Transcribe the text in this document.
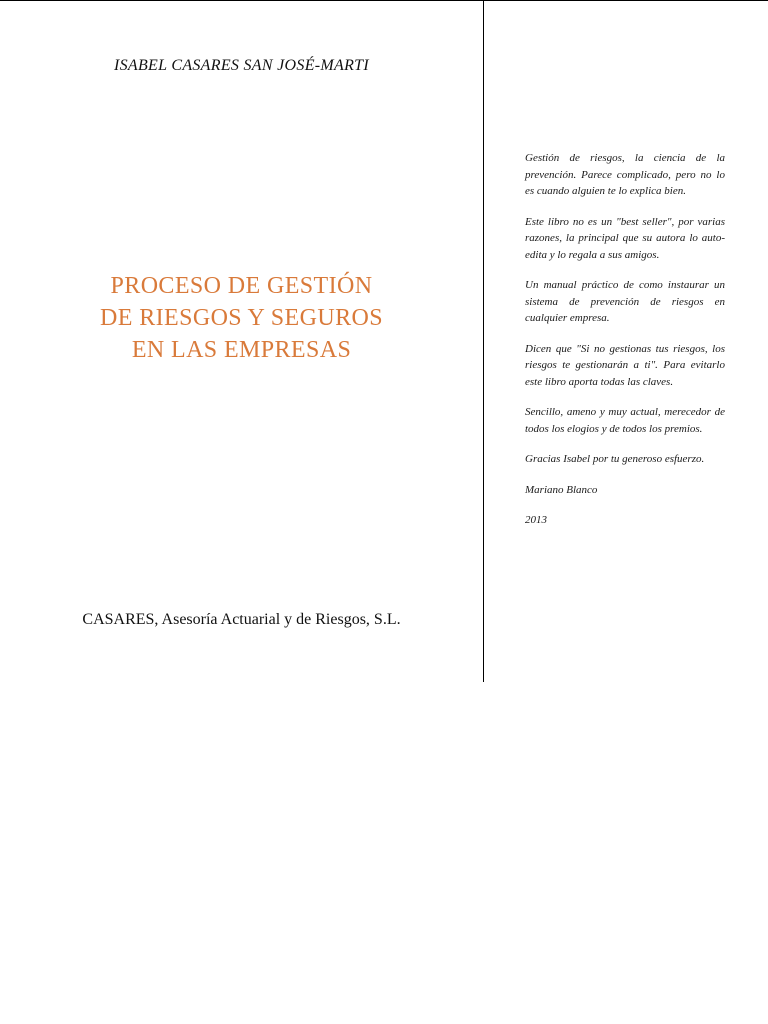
ISABEL CASARES SAN JOSÉ-MARTI
PROCESO DE GESTIÓN
DE RIESGOS Y SEGUROS
EN LAS EMPRESAS
CASARES, Asesoría Actuarial y de Riesgos, S.L.

Gestión de riesgos, la ciencia de la prevención. Parece complicado, pero no lo es cuando alguien te lo explica bien.

Este libro no es un "best seller", por varias razones, la principal que su autora lo auto-edita y lo regala a sus amigos.

Un manual práctico de como instaurar un sistema de prevención de riesgos en cualquier empresa.

Dicen que "Si no gestionas tus riesgos, los riesgos te gestionarán a ti". Para evitarlo este libro aporta todas las claves.

Sencillo, ameno y muy actual, merecedor de todos los elogios y de todos los premios.

Gracias Isabel por tu generoso esfuerzo.

Mariano Blanco

2013
